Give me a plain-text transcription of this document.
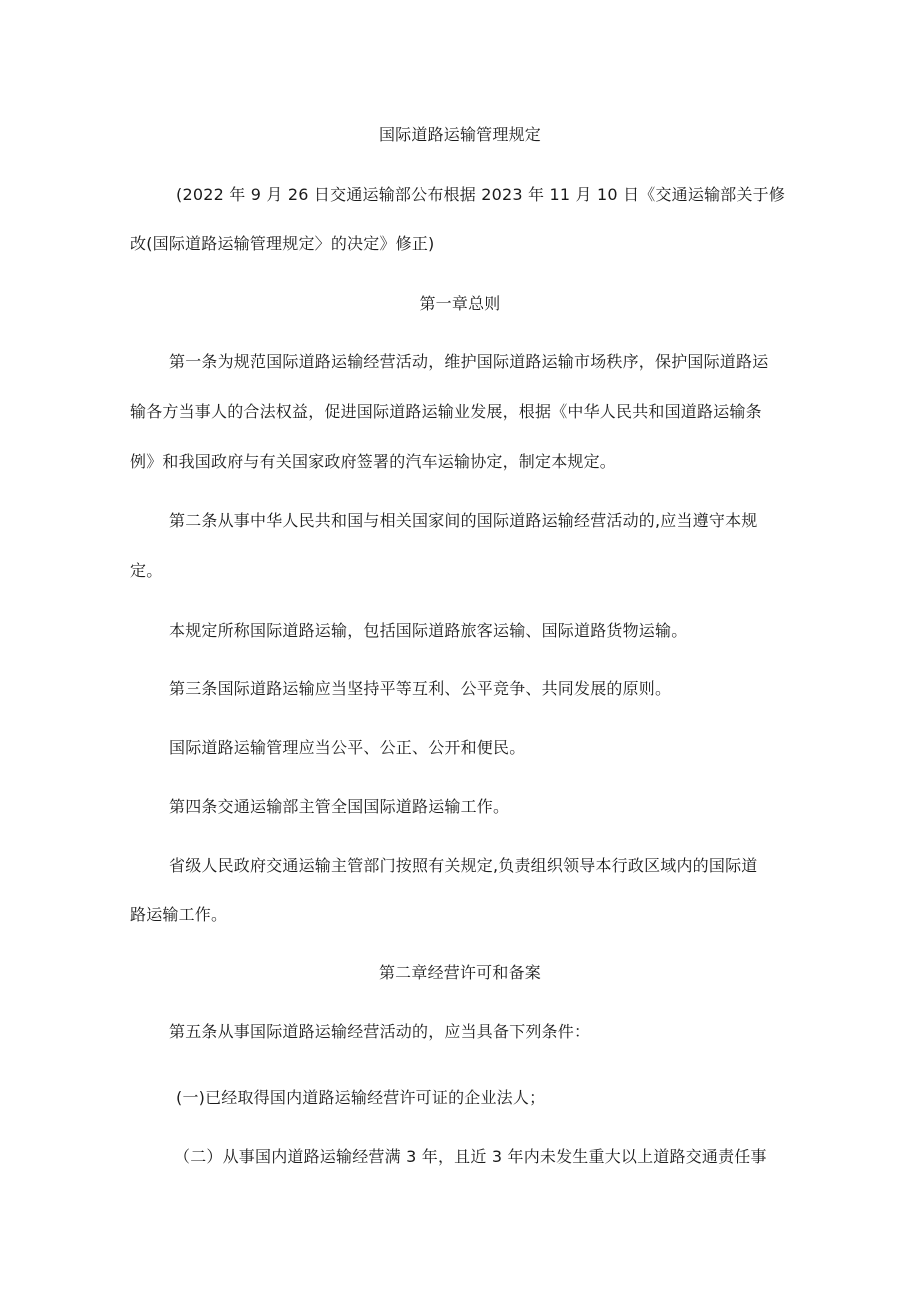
国际道路运输管理规定

(2022 年 9 月 26 日交通运输部公布根据 2023 年 11 月 10 日《交通运输部关于修

改(国际道路运输管理规定〉的决定》修正)

第一章总则

第一条为规范国际道路运输经营活动，维护国际道路运输市场秩序，保护国际道路运

输各方当事人的合法权益，促进国际道路运输业发展，根据《中华人民共和国道路运输条

例》和我国政府与有关国家政府签署的汽车运输协定，制定本规定。

第二条从事中华人民共和国与相关国家间的国际道路运输经营活动的,应当遵守本规

定。

本规定所称国际道路运输，包括国际道路旅客运输、国际道路货物运输。

第三条国际道路运输应当坚持平等互利、公平竞争、共同发展的原则。

国际道路运输管理应当公平、公正、公开和便民。

第四条交通运输部主管全国国际道路运输工作。

省级人民政府交通运输主管部门按照有关规定,负责组织领导本行政区域内的国际道

路运输工作。

第二章经营许可和备案

第五条从事国际道路运输经营活动的，应当具备下列条件：

(一)已经取得国内道路运输经营许可证的企业法人；

（二）从事国内道路运输经营满 3 年，且近 3 年内未发生重大以上道路交通责任事
